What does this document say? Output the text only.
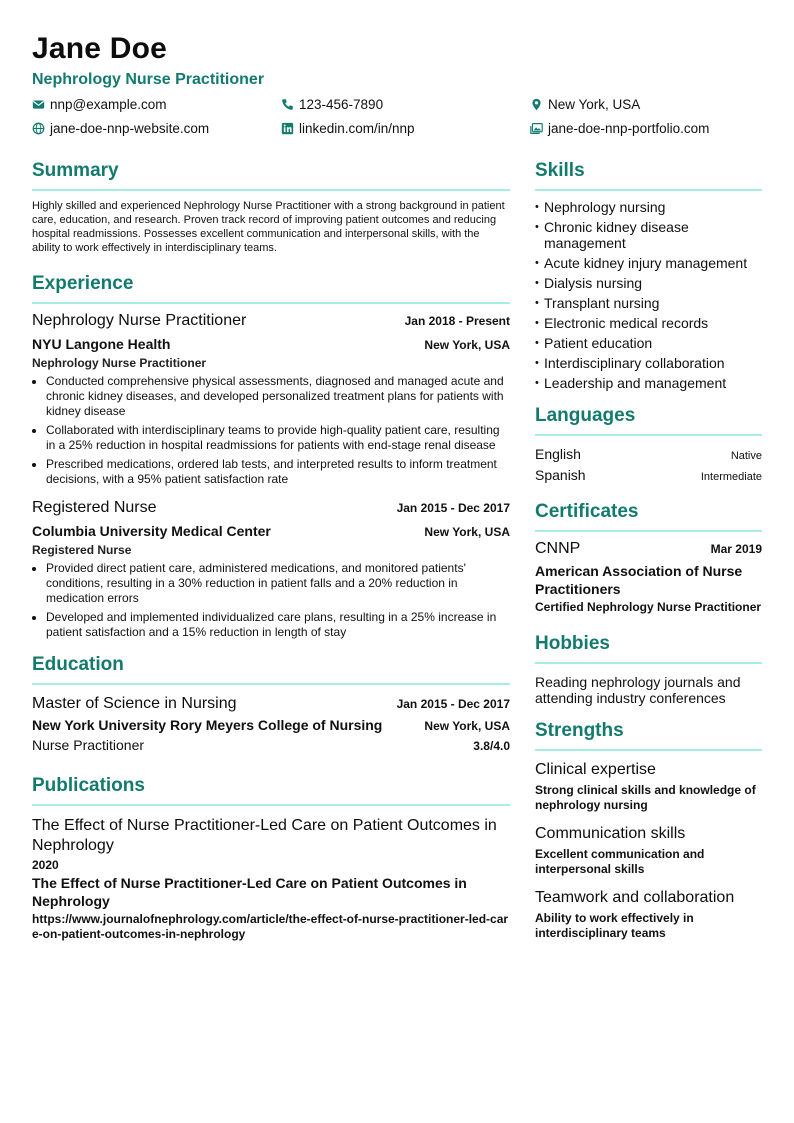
Jane Doe
Nephrology Nurse Practitioner
nnp@example.com	123-456-7890	New York, USA
jane-doe-nnp-website.com	linkedin.com/in/nnp	jane-doe-nnp-portfolio.com
Summary

Highly skilled and experienced Nephrology Nurse Practitioner with a strong background in patient care, education, and research. Proven track record of improving patient outcomes and reducing hospital readmissions. Possesses excellent communication and interpersonal skills, with the ability to work effectively in interdisciplinary teams.

Experience
Nephrology Nurse Practitioner	Jan 2018 - Present
NYU Langone Health	New York, USA
Nephrology Nurse Practitioner
• Conducted comprehensive physical assessments, diagnosed and managed acute and chronic kidney diseases, and developed personalized treatment plans for patients with kidney disease
• Collaborated with interdisciplinary teams to provide high-quality patient care, resulting in a 25% reduction in hospital readmissions for patients with end-stage renal disease
• Prescribed medications, ordered lab tests, and interpreted results to inform treatment decisions, with a 95% patient satisfaction rate
Registered Nurse	Jan 2015 - Dec 2017
Columbia University Medical Center	New York, USA
Registered Nurse
• Provided direct patient care, administered medications, and monitored patients' conditions, resulting in a 30% reduction in patient falls and a 20% reduction in medication errors
• Developed and implemented individualized care plans, resulting in a 25% increase in patient satisfaction and a 15% reduction in length of stay
Education
Master of Science in Nursing	Jan 2015 - Dec 2017
New York University Rory Meyers College of Nursing	New York, USA
Nurse Practitioner	3.8/4.0
Publications
The Effect of Nurse Practitioner-Led Care on Patient Outcomes in Nephrology
2020
The Effect of Nurse Practitioner-Led Care on Patient Outcomes in Nephrology
https://www.journalofnephrology.com/article/the-effect-of-nurse-practitioner-led-care-on-patient-outcomes-in-nephrology
Skills
• Nephrology nursing
• Chronic kidney disease management
• Acute kidney injury management
• Dialysis nursing
• Transplant nursing
• Electronic medical records
• Patient education
• Interdisciplinary collaboration
• Leadership and management
Languages
English	Native
Spanish	Intermediate
Certificates
CNNP	Mar 2019
American Association of Nurse Practitioners
Certified Nephrology Nurse Practitioner
Hobbies
Reading nephrology journals and attending industry conferences
Strengths
Clinical expertise
Strong clinical skills and knowledge of nephrology nursing
Communication skills
Excellent communication and interpersonal skills
Teamwork and collaboration
Ability to work effectively in interdisciplinary teams
